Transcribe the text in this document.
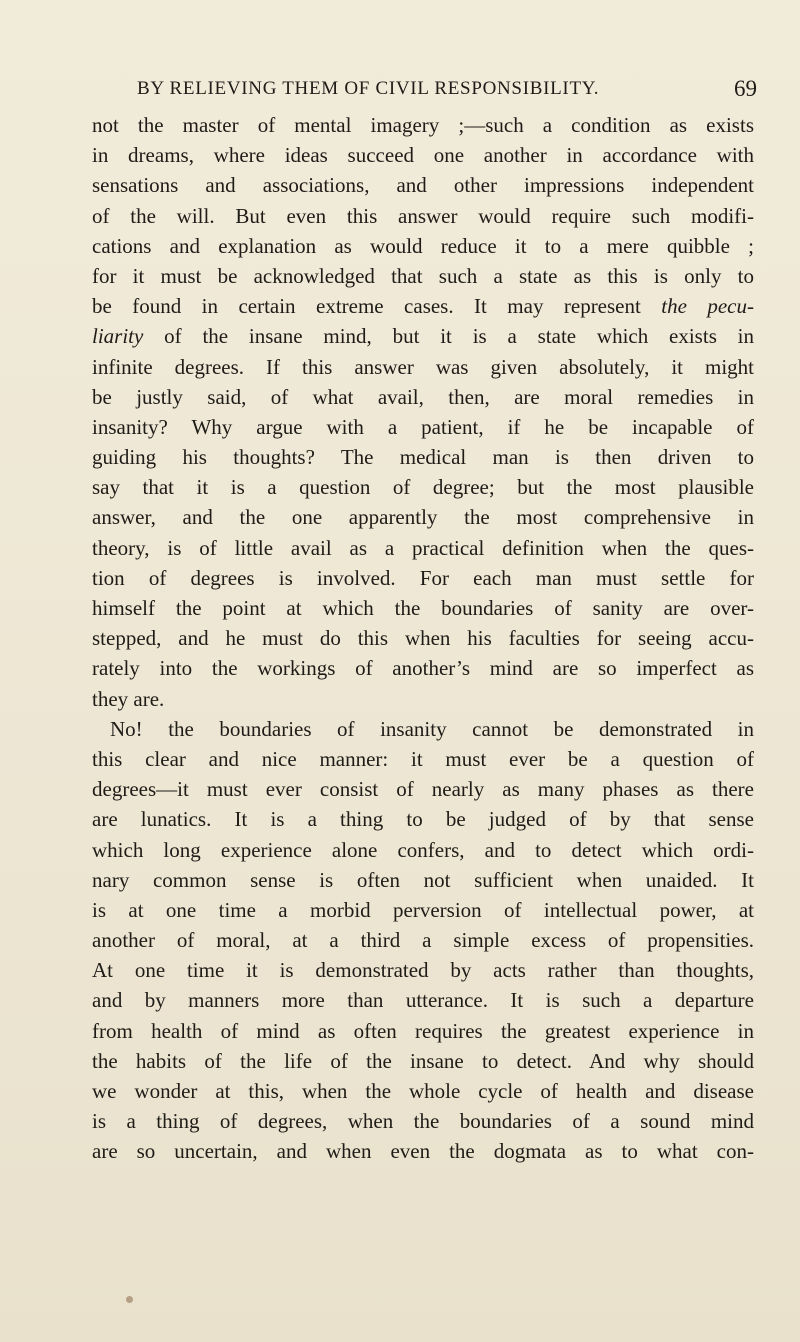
BY RELIEVING THEM OF CIVIL RESPONSIBILITY.	69
not the master of mental imagery ;—such a condition as exists
in dreams, where ideas succeed one another in accordance with
sensations and associations, and other impressions independent
of the will. But even this answer would require such modifi-
cations and explanation as would reduce it to a mere quibble ;
for it must be acknowledged that such a state as this is only to
be found in certain extreme cases. It may represent the pecu-
liarity of the insane mind, but it is a state which exists in
infinite degrees. If this answer was given absolutely, it might
be justly said, of what avail, then, are moral remedies in
insanity? Why argue with a patient, if he be incapable of
guiding his thoughts? The medical man is then driven to
say that it is a question of degree; but the most plausible
answer, and the one apparently the most comprehensive in
theory, is of little avail as a practical definition when the ques-
tion of degrees is involved. For each man must settle for
himself the point at which the boundaries of sanity are over-
stepped, and he must do this when his faculties for seeing accu-
rately into the workings of another’s mind are so imperfect as
they are.
No! the boundaries of insanity cannot be demonstrated in
this clear and nice manner: it must ever be a question of
degrees—it must ever consist of nearly as many phases as there
are lunatics. It is a thing to be judged of by that sense
which long experience alone confers, and to detect which ordi-
nary common sense is often not sufficient when unaided. It
is at one time a morbid perversion of intellectual power, at
another of moral, at a third a simple excess of propensities.
At one time it is demonstrated by acts rather than thoughts,
and by manners more than utterance. It is such a departure
from health of mind as often requires the greatest experience in
the habits of the life of the insane to detect. And why should
we wonder at this, when the whole cycle of health and disease
is a thing of degrees, when the boundaries of a sound mind
are so uncertain, and when even the dogmata as to what con-
